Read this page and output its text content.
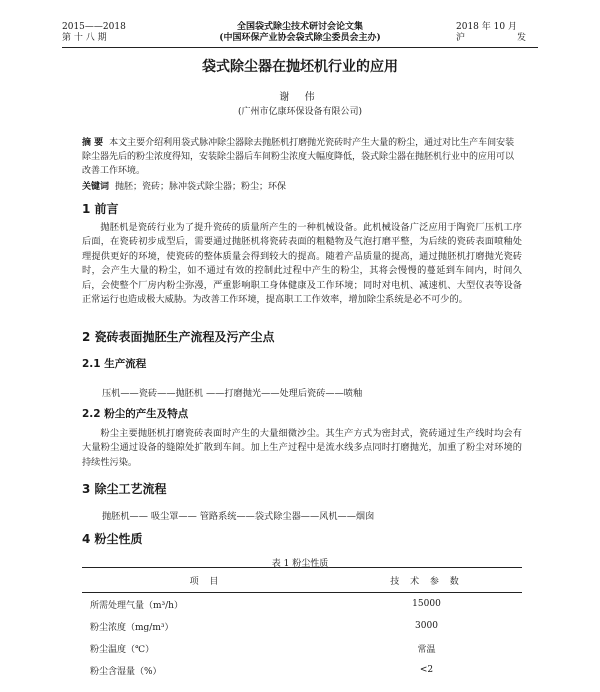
2015——2018
第 十 八 期
全国袋式除尘技术研讨会论文集
(中国环保产业协会袋式除尘委员会主办)
2018 年 10 月
沪	发
袋式除尘器在抛坯机行业的应用
谢 伟
(广州市亿康环保设备有限公司)
摘 要 本文主要介绍利用袋式脉冲除尘器除去抛胚机打磨抛光瓷砖时产生大量的粉尘，通过对比生产车间安装除尘器先后的粉尘浓度得知，安装除尘器后车间粉尘浓度大幅度降低，袋式除尘器在抛胚机行业中的应用可以改善工作环境。
关键词 抛胚；瓷砖；脉冲袋式除尘器；粉尘；环保
1 前言
抛胚机是瓷砖行业为了提升瓷砖的质量所产生的一种机械设备。此机械设备广泛应用于陶瓷厂压机工序后面，在瓷砖初步成型后，需要通过抛胚机将瓷砖表面的粗糙物及气泡打磨平整，为后续的瓷砖表面喷釉处理提供更好的环境，使瓷砖的整体质量会得到较大的提高。随着产品质量的提高，通过抛胚机打磨抛光瓷砖时，会产生大量的粉尘，如不通过有效的控制此过程中产生的粉尘，其将会慢慢的蔓延到车间内，时间久后，会使整个厂房内粉尘弥漫，严重影响职工身体健康及工作环境；同时对电机、减速机、大型仪表等设备正常运行也造成极大威胁。为改善工作环境，提高职工工作效率，增加除尘系统是必不可少的。
2 瓷砖表面抛胚生产流程及污产尘点
2.1 生产流程
压机——瓷砖——抛胚机 ——打磨抛光——处理后瓷砖——喷釉
2.2 粉尘的产生及特点
粉尘主要抛胚机打磨瓷砖表面时产生的大量细微沙尘。其生产方式为密封式，瓷砖通过生产线时均会有大量粉尘通过设备的缝隙处扩散到车间。加上生产过程中是流水线多点同时打磨抛光，加重了粉尘对环境的持续性污染。
3 除尘工艺流程
抛胚机—— 吸尘罩—— 管路系统——袋式除尘器——风机——烟囱
4 粉尘性质
表 1 粉尘性质
项 目	技 术 参 数
所需处理气量（m³/h）	15000
粉尘浓度（mg/m³）	3000
粉尘温度（℃）	常温
粉尘含湿量（%）	<2
